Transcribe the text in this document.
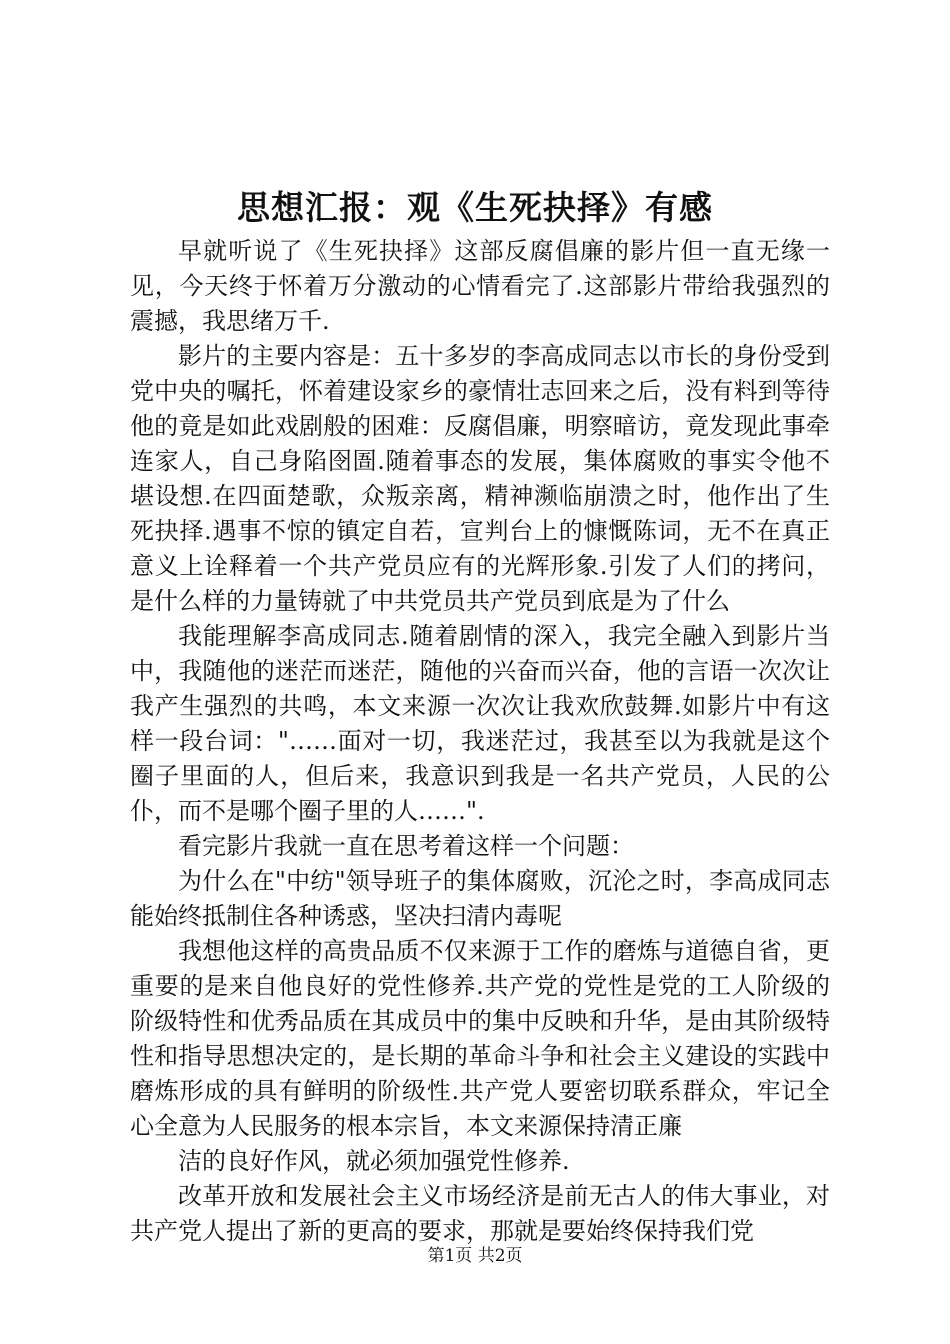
思想汇报：观《生死抉择》有感

早就听说了《生死抉择》这部反腐倡廉的影片但一直无缘一见，今天终于怀着万分激动的心情看完了.这部影片带给我强烈的震撼，我思绪万千.

影片的主要内容是：五十多岁的李高成同志以市长的身份受到党中央的嘱托，怀着建设家乡的豪情壮志回来之后，没有料到等待他的竟是如此戏剧般的困难：反腐倡廉，明察暗访，竟发现此事牵连家人，自己身陷囹圄.随着事态的发展，集体腐败的事实令他不堪设想.在四面楚歌，众叛亲离，精神濒临崩溃之时，他作出了生死抉择.遇事不惊的镇定自若，宣判台上的慷慨陈词，无不在真正意义上诠释着一个共产党员应有的光辉形象.引发了人们的拷问，是什么样的力量铸就了中共党员共产党员到底是为了什么

我能理解李高成同志.随着剧情的深入，我完全融入到影片当中，我随他的迷茫而迷茫，随他的兴奋而兴奋，他的言语一次次让我产生强烈的共鸣，本文来源一次次让我欢欣鼓舞.如影片中有这样一段台词："……面对一切，我迷茫过，我甚至以为我就是这个圈子里面的人，但后来，我意识到我是一名共产党员，人民的公仆，而不是哪个圈子里的人……".

看完影片我就一直在思考着这样一个问题：

为什么在"中纺"领导班子的集体腐败，沉沦之时，李高成同志能始终抵制住各种诱惑，坚决扫清内毒呢

我想他这样的高贵品质不仅来源于工作的磨炼与道德自省，更重要的是来自他良好的党性修养.共产党的党性是党的工人阶级的阶级特性和优秀品质在其成员中的集中反映和升华，是由其阶级特性和指导思想决定的，是长期的革命斗争和社会主义建设的实践中磨炼形成的具有鲜明的阶级性.共产党人要密切联系群众，牢记全心全意为人民服务的根本宗旨，本文来源保持清正廉

洁的良好作风，就必须加强党性修养.

改革开放和发展社会主义市场经济是前无古人的伟大事业，对共产党人提出了新的更高的要求，那就是要始终保持我们党

第1页 共2页
